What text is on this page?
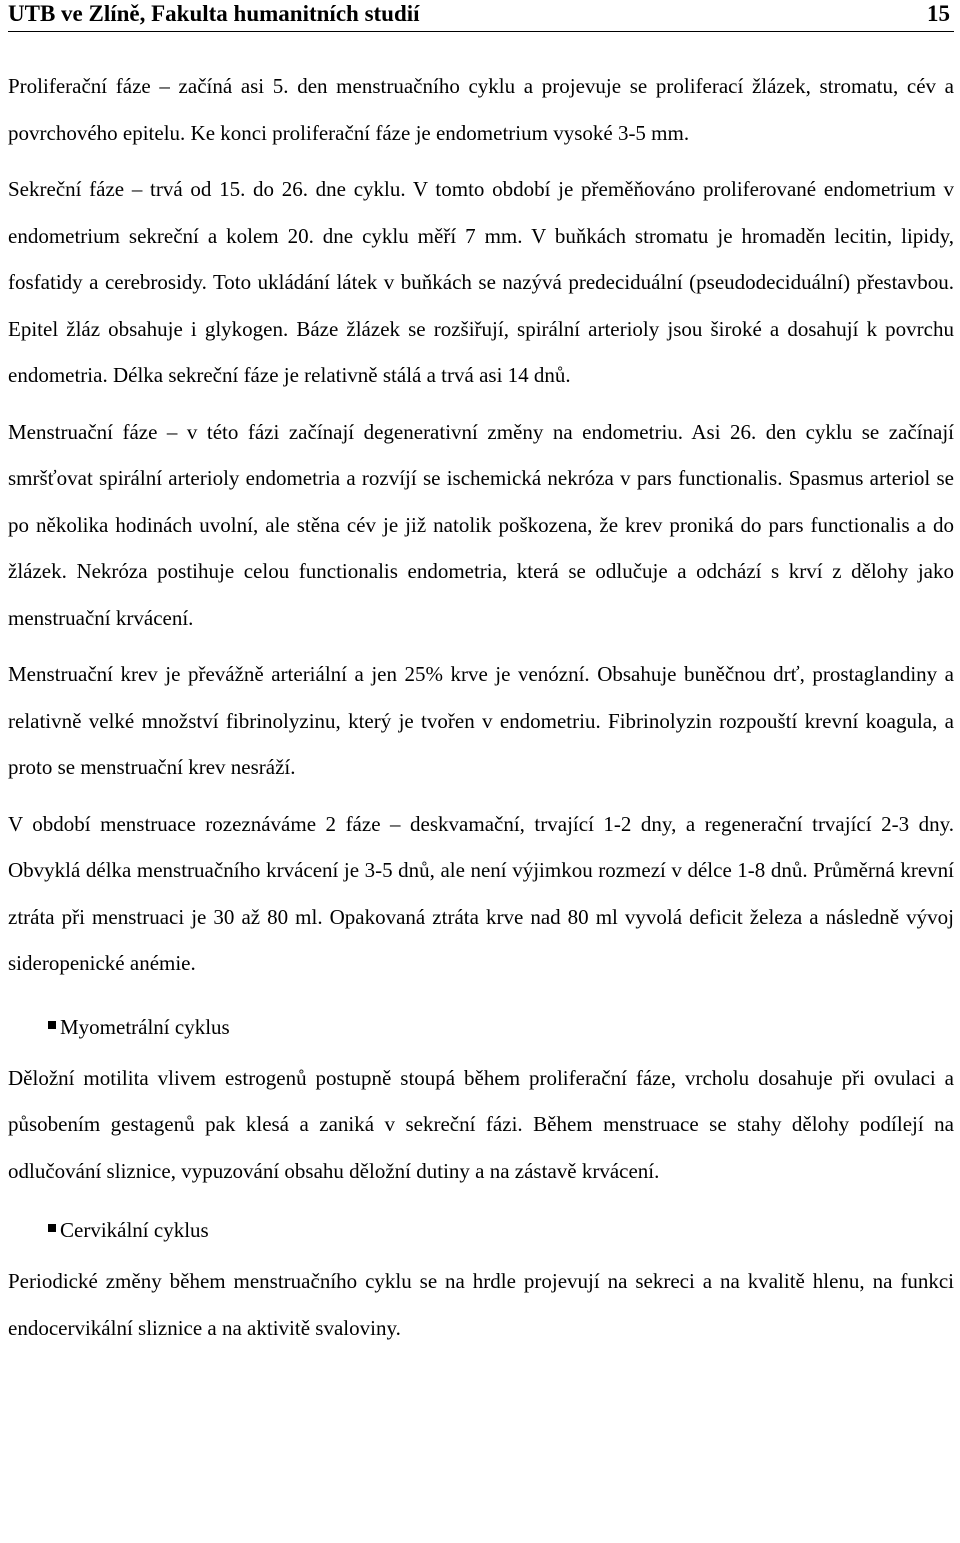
UTB ve Zlíně, Fakulta humanitních studií	15

Proliferační fáze – začíná asi 5. den menstruačního cyklu a projevuje se proliferací žlázek, stromatu, cév a povrchového epitelu. Ke konci proliferační fáze je endometrium vysoké 3-5 mm.

Sekreční fáze – trvá od 15. do 26. dne cyklu. V tomto období je přeměňováno proliferované endometrium v endometrium sekreční a kolem 20. dne cyklu měří 7 mm. V buňkách stromatu je hromaděn lecitin, lipidy, fosfatidy a cerebrosidy. Toto ukládání látek v buňkách se nazývá predeciduální (pseudodeciduální) přestavbou. Epitel žláz obsahuje i glykogen. Báze žlázek se rozšiřují, spirální arterioly jsou široké a dosahují k povrchu endometria. Délka sekreční fáze je relativně stálá a trvá asi 14 dnů.

Menstruační fáze – v této fázi začínají degenerativní změny na endometriu. Asi 26. den cyklu se začínají smršťovat spirální arterioly endometria a rozvíjí se ischemická nekróza v pars functionalis. Spasmus arteriol se po několika hodinách uvolní, ale stěna cév je již natolik poškozena, že krev proniká do pars functionalis a do žlázek. Nekróza postihuje celou functionalis endometria, která se odlučuje a odchází s krví z dělohy jako menstruační krvácení.

Menstruační krev je převážně arteriální a jen 25% krve je venózní. Obsahuje buněčnou drť, prostaglandiny a relativně velké množství fibrinolyzinu, který je tvořen v endometriu. Fibrinolyzin rozpouští krevní koagula, a proto se menstruační krev nesráží.

V období menstruace rozeznáváme 2 fáze – deskvamační, trvající 1-2 dny, a regenerační trvající 2-3 dny. Obvyklá délka menstruačního krvácení je 3-5 dnů, ale není výjimkou rozmezí v délce 1-8 dnů. Průměrná krevní ztráta při menstruaci je 30 až 80 ml. Opakovaná ztráta krve nad 80 ml vyvolá deficit železa a následně vývoj sideropenické anémie.

Myometrální cyklus

Děložní motilita vlivem estrogenů postupně stoupá během proliferační fáze, vrcholu dosahuje při ovulaci a působením gestagenů pak klesá a zaniká v sekreční fázi. Během menstruace se stahy dělohy podílejí na odlučování sliznice, vypuzování obsahu děložní dutiny a na zástavě krvácení.

Cervikální cyklus

Periodické změny během menstruačního cyklu se na hrdle projevují na sekreci a na kvalitě hlenu, na funkci endocervikální sliznice a na aktivitě svaloviny.
